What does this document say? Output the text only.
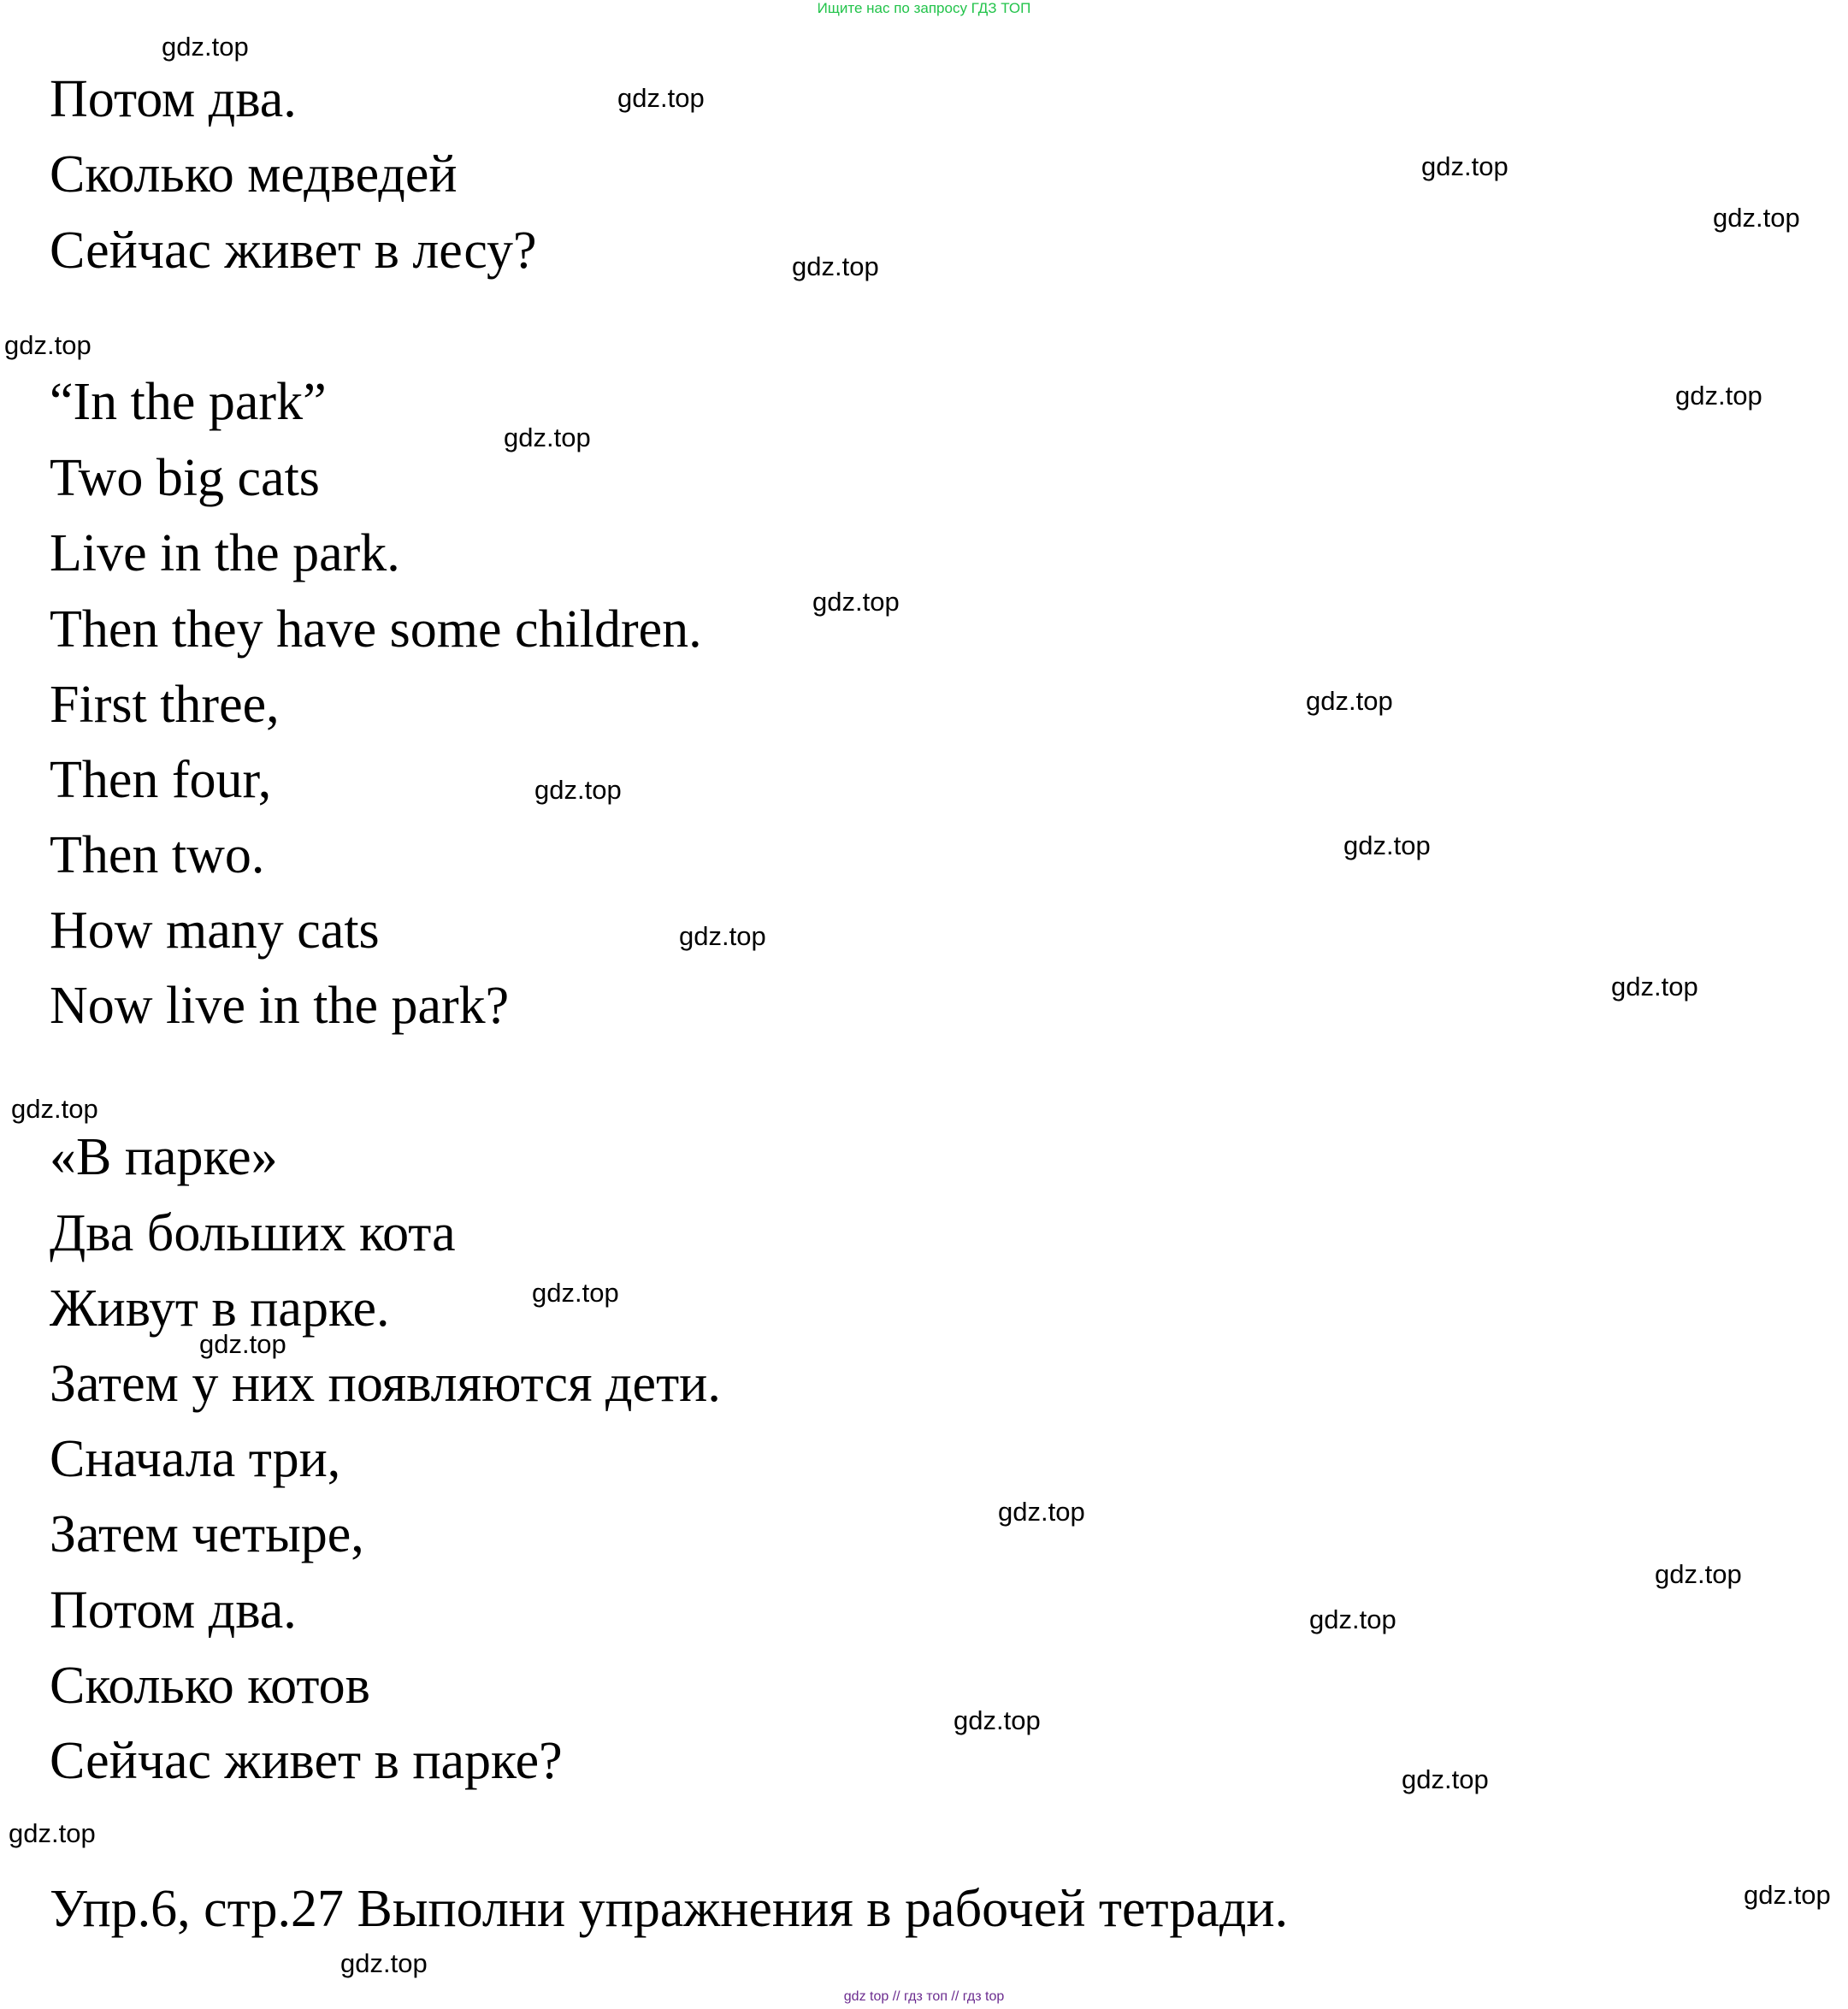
Ищите нас по запросу ГДЗ ТОП
Потом два.
Сколько медведей
Сейчас живет в лесу?
“In the park”
Two big cats
Live in the park.
Then they have some children.
First three,
Then four,
Then two.
How many cats
Now live in the park?
«В парке»
Два больших кота
Живут в парке.
Затем у них появляются дети.
Сначала три,
Затем четыре,
Потом два.
Сколько котов
Сейчас живет в парке?
Упр.6, стр.27 Выполни упражнения в рабочей тетради.
gdz.top
gdz.top
gdz.top
gdz.top
gdz.top
gdz.top
gdz.top
gdz.top
gdz.top
gdz.top
gdz.top
gdz.top
gdz.top
gdz.top
gdz.top
gdz.top
gdz.top
gdz.top
gdz.top
gdz.top
gdz.top
gdz.top
gdz.top
gdz.top
gdz.top
gdz top // гдз топ // гдз top
